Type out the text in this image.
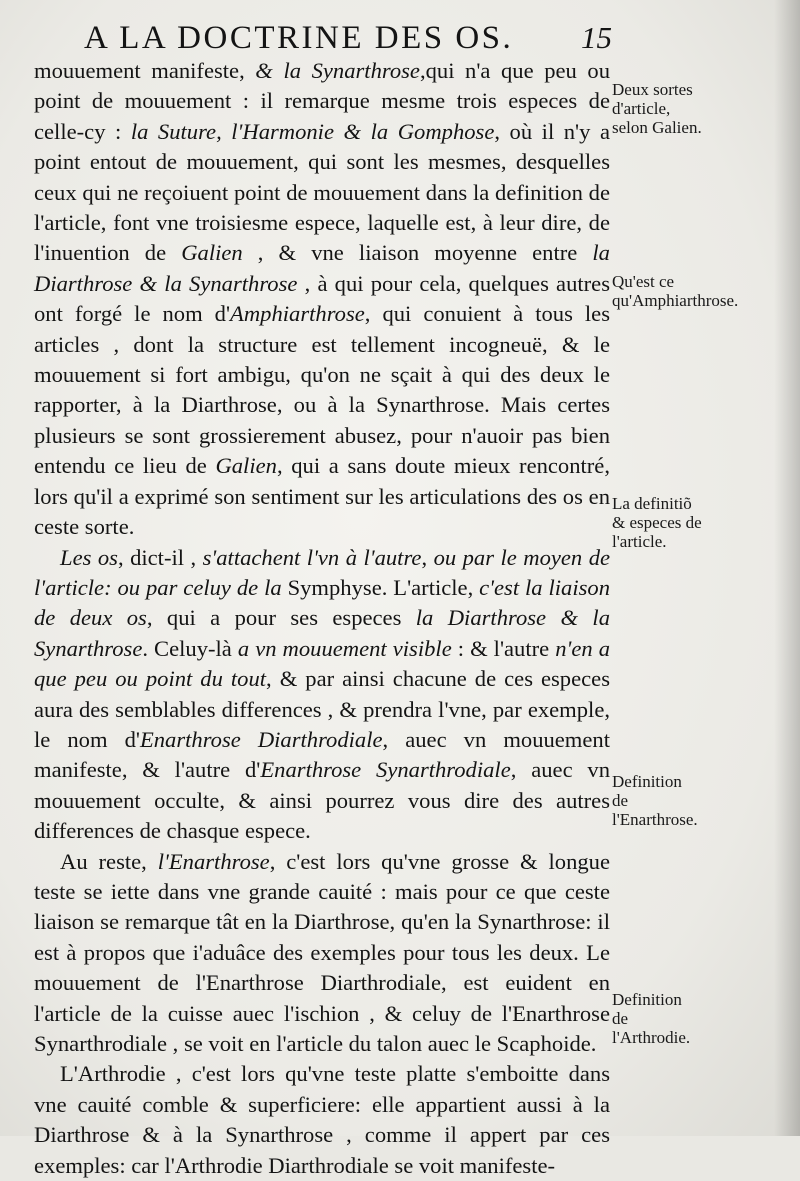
A LA DOCTRINE DES OS. 15

mouuement manifeste, & la Synarthrose,qui n'a que peu ou point de mouuement : il remarque mesme trois especes de celle-cy : la Suture, l'Harmonie & la Gomphose, où il n'y a point entout de mouuement, qui sont les mesmes, desquelles ceux qui ne reçoiuent point de mouuement dans la definition de l'article, font vne troisiesme espece, laquelle est, à leur dire, de l'inuention de Galien , & vne liaison moyenne entre la Diarthrose & la Synarthrose , à qui pour cela, quelques autres ont forgé le nom d'Amphiarthrose, qui conuient à tous les articles , dont la structure est tellement incogneuë, & le mouuement si fort ambigu, qu'on ne sçait à qui des deux le rapporter, à la Diarthrose, ou à la Synarthrose. Mais certes plusieurs se sont grossierement abusez, pour n'auoir pas bien entendu ce lieu de Galien, qui a sans doute mieux rencontré, lors qu'il a exprimé son sentiment sur les articulations des os en ceste sorte.

Les os, dict-il , s'attachent l'vn à l'autre, ou par le moyen de l'article: ou par celuy de la Symphyse. L'article, c'est la liaison de deux os, qui a pour ses especes la Diarthrose & la Synarthrose. Celuy-là a vn mouuement visible : & l'autre n'en a que peu ou point du tout, & par ainsi chacune de ces especes aura des semblables differences , & prendra l'vne, par exemple, le nom d'Enarthrose Diarthrodiale, auec vn mouuement manifeste, & l'autre d'Enarthrose Synarthrodiale, auec vn mouuement occulte, & ainsi pourrez vous dire des autres differences de chasque espece.

Au reste, l'Enarthrose, c'est lors qu'vne grosse & longue teste se iette dans vne grande cauité : mais pour ce que ceste liaison se remarque tât en la Diarthrose, qu'en la Synarthrose: il est à propos que i'aduâce des exemples pour tous les deux. Le mouuement de l'Enarthrose Diarthrodiale, est euident en l'article de la cuisse auec l'ischion , & celuy de l'Enarthrose Synarthrodiale , se voit en l'article du talon auec le Scaphoide.

L'Arthrodie , c'est lors qu'vne teste platte s'emboitte dans vne cauité comble & superficiere: elle appartient aussi à la Diarthrose & à la Synarthrose , comme il appert par ces exemples: car l'Arthrodie Diarthrodiale se voit manifeste-

Deux sortes d'article, selon Galien.
Qu'est ce qu'Amphiarthrose.
La definitiõ & especes de l'article.
Definition de l'Enarthrose.
Definition de l'Arthrodie.
